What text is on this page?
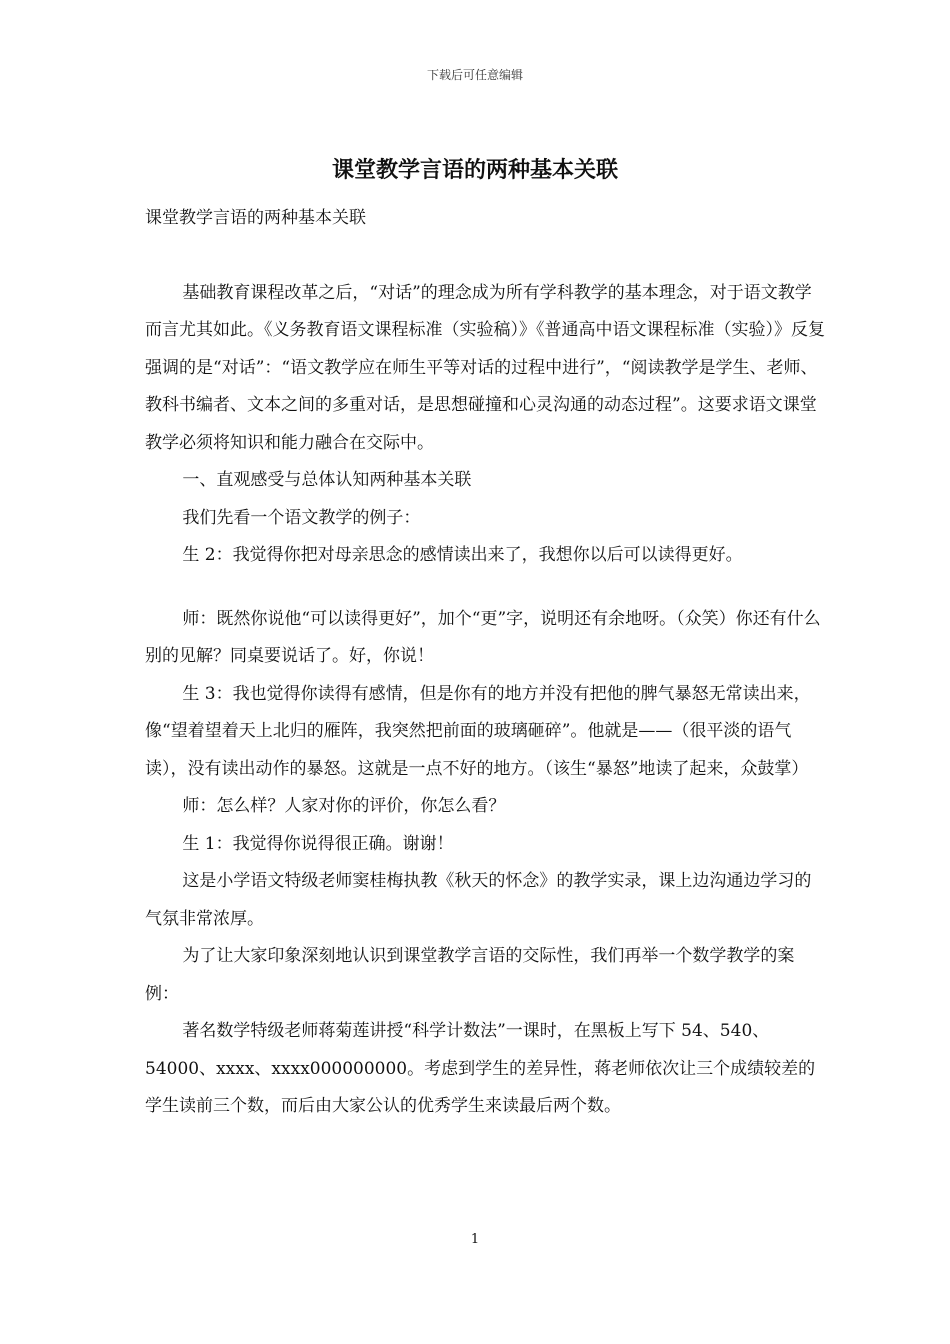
下载后可任意编辑
课堂教学言语的两种基本关联

课堂教学言语的两种基本关联

基础教育课程改革之后，“对话”的理念成为所有学科教学的基本理念，对于语文教学而言尤其如此。《义务教育语文课程标准（实验稿）》《普通高中语文课程标准（实验）》反复强调的是“对话”：“语文教学应在师生平等对话的过程中进行”，“阅读教学是学生、老师、教科书编者、文本之间的多重对话，是思想碰撞和心灵沟通的动态过程”。这要求语文课堂教学必须将知识和能力融合在交际中。

一、直观感受与总体认知两种基本关联

我们先看一个语文教学的例子：

生 2：我觉得你把对母亲思念的感情读出来了，我想你以后可以读得更好。

师：既然你说他“可以读得更好”，加个“更”字，说明还有余地呀。（众笑）你还有什么别的见解？同桌要说话了。好，你说！

生 3：我也觉得你读得有感情，但是你有的地方并没有把他的脾气暴怒无常读出来，像“望着望着天上北归的雁阵，我突然把前面的玻璃砸碎”。他就是——（很平淡的语气读），没有读出动作的暴怒。这就是一点不好的地方。（该生“暴怒”地读了起来，众鼓掌）

师：怎么样？人家对你的评价，你怎么看？

生 1：我觉得你说得很正确。谢谢！

这是小学语文特级老师窦桂梅执教《秋天的怀念》的教学实录，课上边沟通边学习的气氛非常浓厚。

为了让大家印象深刻地认识到课堂教学言语的交际性，我们再举一个数学教学的案例：

著名数学特级老师蒋菊莲讲授“科学计数法”一课时，在黑板上写下 54、540、54000、xxxx、xxxx000000000。考虑到学生的差异性，蒋老师依次让三个成绩较差的学生读前三个数，而后由大家公认的优秀学生来读最后两个数。

1
